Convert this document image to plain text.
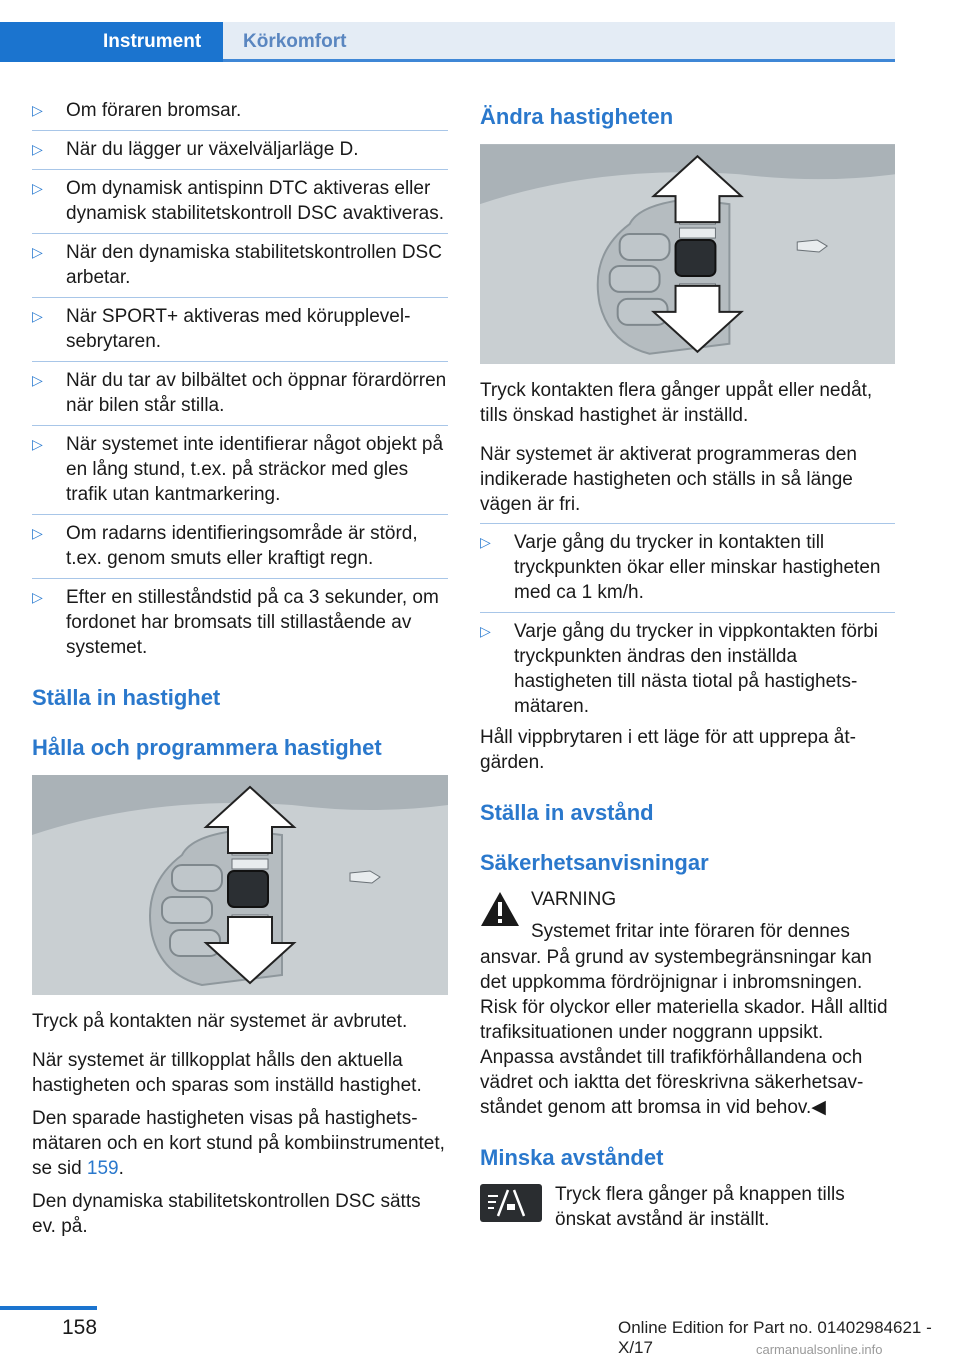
Instrument	Körkomfort
▷ Om föraren bromsar.
▷ När du lägger ur växelväljarläge D.
▷ Om dynamisk antispinn DTC aktiveras eller dynamisk stabilitetskontroll DSC avaktiveras.
▷ När den dynamiska stabilitetskontrollen DSC arbetar.
▷ När SPORT+ aktiveras med körupplevelsebrytaren.
▷ När du tar av bilbältet och öppnar förardörren när bilen står stilla.
▷ När systemet inte identifierar något objekt på en lång stund, t.ex. på sträckor med gles trafik utan kantmarkering.
▷ Om radarns identifieringsområde är störd, t.ex. genom smuts eller kraftigt regn.
▷ Efter en stilleståndstid på ca 3 sekunder, om fordonet har bromsats till stillastående av systemet.
Ställa in hastighet
Hålla och programmera hastighet

Tryck på kontakten när systemet är avbrutet.

När systemet är tillkopplat hålls den aktuella hastigheten och sparas som inställd hastighet.

Den sparade hastigheten visas på hastighetsmätaren och en kort stund på kombiinstrumentet, se sid 159.

Den dynamiska stabilitetskontrollen DSC sätts ev. på.

Ändra hastigheten

Tryck kontakten flera gånger uppåt eller nedåt, tills önskad hastighet är inställd.

När systemet är aktiverat programmeras den indikerade hastigheten och ställs in så länge vägen är fri.

▷ Varje gång du trycker in kontakten till tryckpunkten ökar eller minskar hastigheten med ca 1 km/h.
▷ Varje gång du trycker in vippkontakten förbi tryckpunkten ändras den inställda hastigheten till nästa tiotal på hastighetsmätaren.

Håll vippbrytaren i ett läge för att upprepa åtgärden.

Ställa in avstånd
Säkerhetsanvisningar

VARNING

Systemet fritar inte föraren för dennes

ansvar. På grund av systembegränsningar kan det uppkomma fördröjnignar i inbromsningen. Risk för olyckor eller materiella skador. Håll alltid trafiksituationen under noggrann uppsikt. Anpassa avståndet till trafikförhållandena och vädret och iaktta det föreskrivna säkerhetsavståndet genom att bromsa in vid behov.◀

Minska avståndet

Tryck flera gånger på knappen tills önskat avstånd är inställt.

158	Online Edition for Part no. 01402984621 - X/17	carmanualsonline.info
